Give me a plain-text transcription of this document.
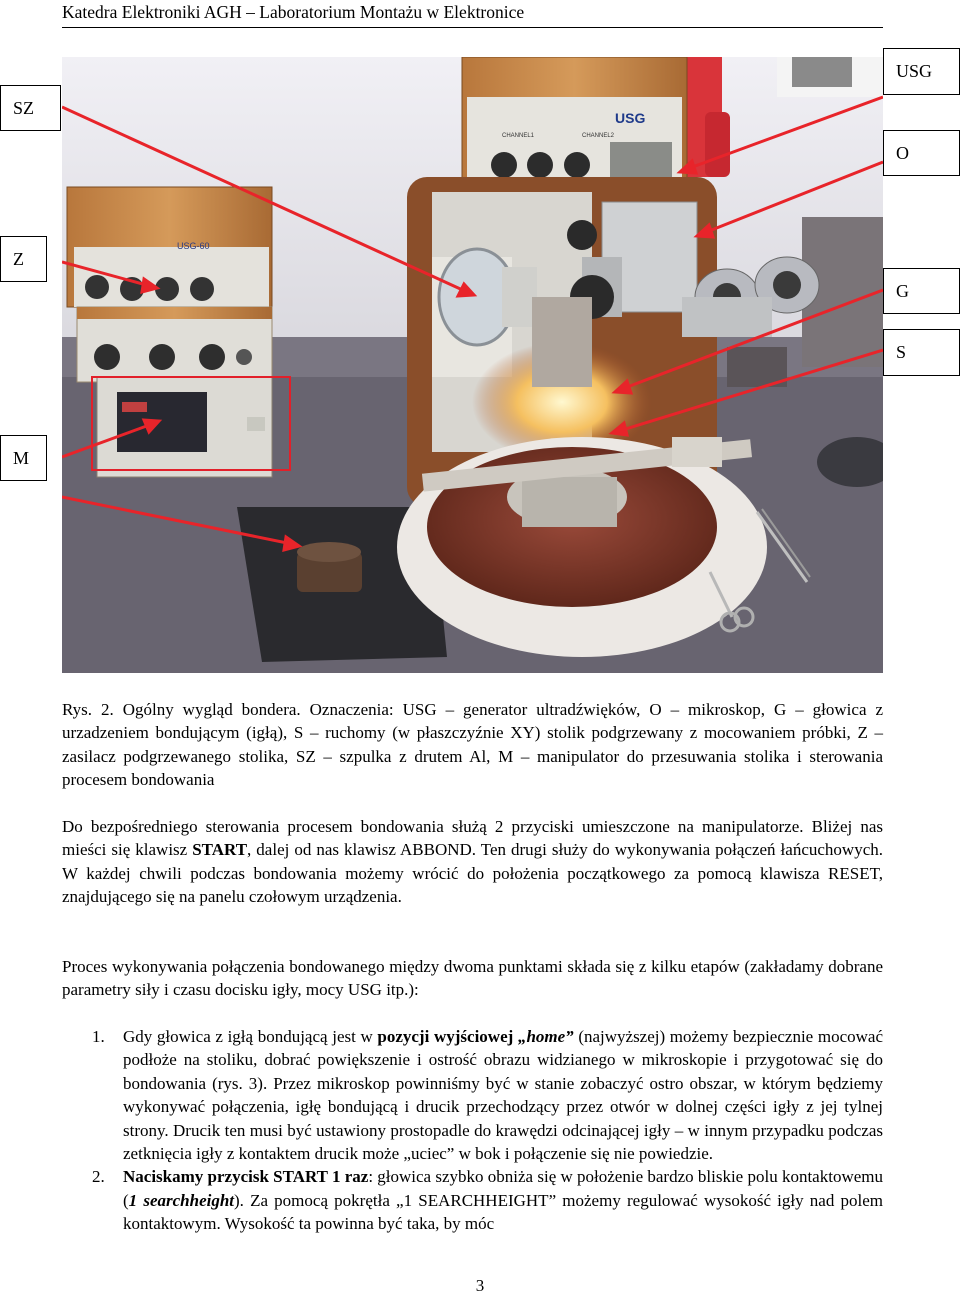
Katedra Elektroniki AGH – Laboratorium Montażu w Elektronice
USG-60
USG
CHANNEL1	CHANNEL2
SZ
Z
M
USG
O
G
S

Rys. 2. Ogólny wygląd bondera. Oznaczenia: USG – generator ultradźwięków, O – mikroskop, G – głowica z urzadzeniem bondującym (igłą), S – ruchomy (w płaszczyźnie XY) stolik podgrzewany z mocowaniem próbki, Z – zasilacz podgrzewanego stolika, SZ – szpulka z drutem Al, M – manipulator do przesuwania stolika i sterowania procesem bondowania

Do bezpośredniego sterowania procesem bondowania służą 2 przyciski umieszczone na manipulatorze. Bliżej nas mieści się klawisz START, dalej od nas klawisz ABBOND. Ten drugi służy do wykonywania połączeń łańcuchowych. W każdej chwili podczas bondowania możemy wrócić do położenia początkowego za pomocą klawisza RESET, znajdującego się na panelu czołowym urządzenia.

Proces wykonywania połączenia bondowanego między dwoma punktami składa się z kilku etapów (zakładamy dobrane parametry siły i czasu docisku igły, mocy USG itp.):

1. Gdy głowica z igłą bondującą jest w pozycji wyjściowej „home” (najwyższej) możemy bezpiecznie mocować podłoże na stoliku, dobrać powiększenie i ostrość obrazu widzianego w mikroskopie i przygotować się do bondowania (rys. 3). Przez mikroskop powinniśmy być w stanie zobaczyć ostro obszar, w którym będziemy wykonywać połączenia, igłę bondującą i drucik przechodzący przez otwór w dolnej części igły z jej tylnej strony. Drucik ten musi być ustawiony prostopadle do krawędzi odcinającej igły – w innym przypadku podczas zetknięcia igły z kontaktem drucik może „uciec” w bok i połączenie się nie powiedzie.
2. Naciskamy przycisk START 1 raz: głowica szybko obniża się w położenie bardzo bliskie polu kontaktowemu (1 searchheight). Za pomocą pokrętła „1 SEARCHHEIGHT” możemy regulować wysokość igły nad polem kontaktowym. Wysokość ta powinna być taka, by móc
3
